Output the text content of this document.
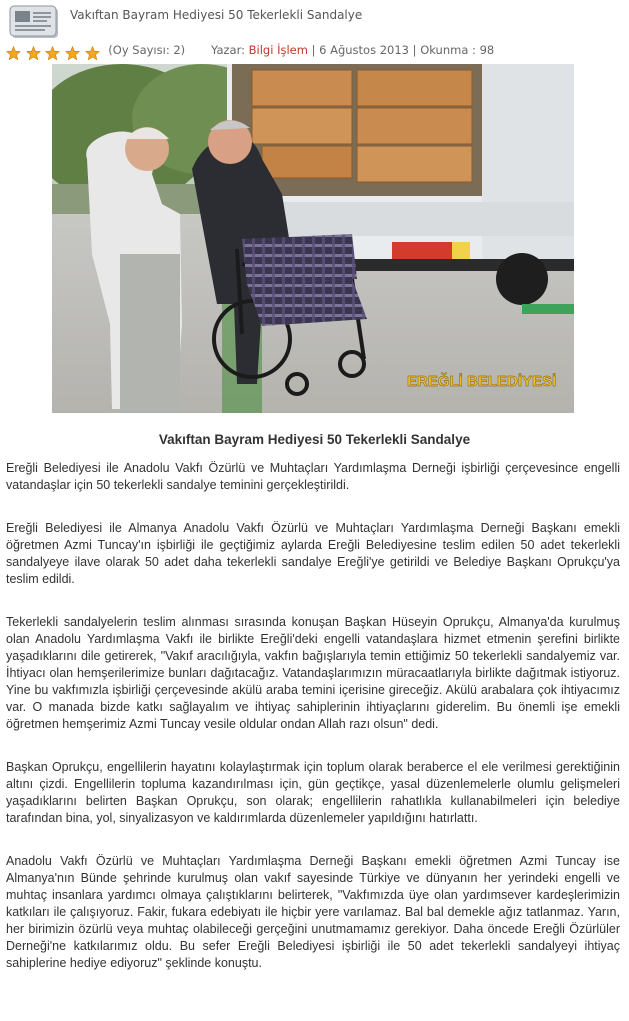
Vakıftan Bayram Hediyesi 50 Tekerlekli Sandalye
(Oy Sayısı: 2) Yazar: Bilgi İşlem | 6 Ağustos 2013 | Okunma : 98
EREĞLİ BELEDİYESİ
Vakıftan Bayram Hediyesi 50 Tekerlekli Sandalye

Ereğli Belediyesi ile Anadolu Vakfı Özürlü ve Muhtaçları Yardımlaşma Derneği işbirliği çerçevesince engelli vatandaşlar için 50 tekerlekli sandalye teminini gerçekleştirildi.

Ereğli Belediyesi ile Almanya Anadolu Vakfı Özürlü ve Muhtaçları Yardımlaşma Derneği Başkanı emekli öğretmen Azmi Tuncay'ın işbirliği ile geçtiğimiz aylarda Ereğli Belediyesine teslim edilen 50 adet tekerlekli sandalyeye ilave olarak 50 adet daha tekerlekli sandalye Ereğli'ye getirildi ve Belediye Başkanı Oprukçu'ya teslim edildi.

Tekerlekli sandalyelerin teslim alınması sırasında konuşan Başkan Hüseyin Oprukçu, Almanya'da kurulmuş olan Anadolu Yardımlaşma Vakfı ile birlikte Ereğli'deki engelli vatandaşlara hizmet etmenin şerefini birlikte yaşadıklarını dile getirerek, "Vakıf aracılığıyla, vakfın bağışlarıyla temin ettiğimiz 50 tekerlekli sandalyemiz var. İhtiyacı olan hemşerilerimize bunları dağıtacağız. Vatandaşlarımızın müracaatlarıyla birlikte dağıtmak istiyoruz. Yine bu vakfımızla işbirliği çerçevesinde akülü araba temini içerisine gireceğiz. Akülü arabalara çok ihtiyacımız var. O manada bizde katkı sağlayalım ve ihtiyaç sahiplerinin ihtiyaçlarını giderelim. Bu önemli işe emekli öğretmen hemşerimiz Azmi Tuncay vesile oldular ondan Allah razı olsun" dedi.

Başkan Oprukçu, engellilerin hayatını kolaylaştırmak için toplum olarak beraberce el ele verilmesi gerektiğinin altını çizdi. Engellilerin topluma kazandırılması için, gün geçtikçe, yasal düzenlemelerle olumlu gelişmeleri yaşadıklarını belirten Başkan Oprukçu, son olarak; engellilerin rahatlıkla kullanabilmeleri için belediye tarafından bina, yol, sinyalizasyon ve kaldırımlarda düzenlemeler yapıldığını hatırlattı.

Anadolu Vakfı Özürlü ve Muhtaçları Yardımlaşma Derneği Başkanı emekli öğretmen Azmi Tuncay ise Almanya'nın Bünde şehrinde kurulmuş olan vakıf sayesinde Türkiye ve dünyanın her yerindeki engelli ve muhtaç insanlara yardımcı olmaya çalıştıklarını belirterek, "Vakfımızda üye olan yardımsever kardeşlerimizin katkıları ile çalışıyoruz. Fakir, fukara edebiyatı ile hiçbir yere varılamaz. Bal bal demekle ağız tatlanmaz. Yarın, her birimizin özürlü veya muhtaç olabileceği gerçeğini unutmamamız gerekiyor. Daha öncede Ereğli Özürlüler Derneği'ne katkılarımız oldu. Bu sefer Ereğli Belediyesi işbirliği ile 50 adet tekerlekli sandalyeyi ihtiyaç sahiplerine hediye ediyoruz" şeklinde konuştu.
